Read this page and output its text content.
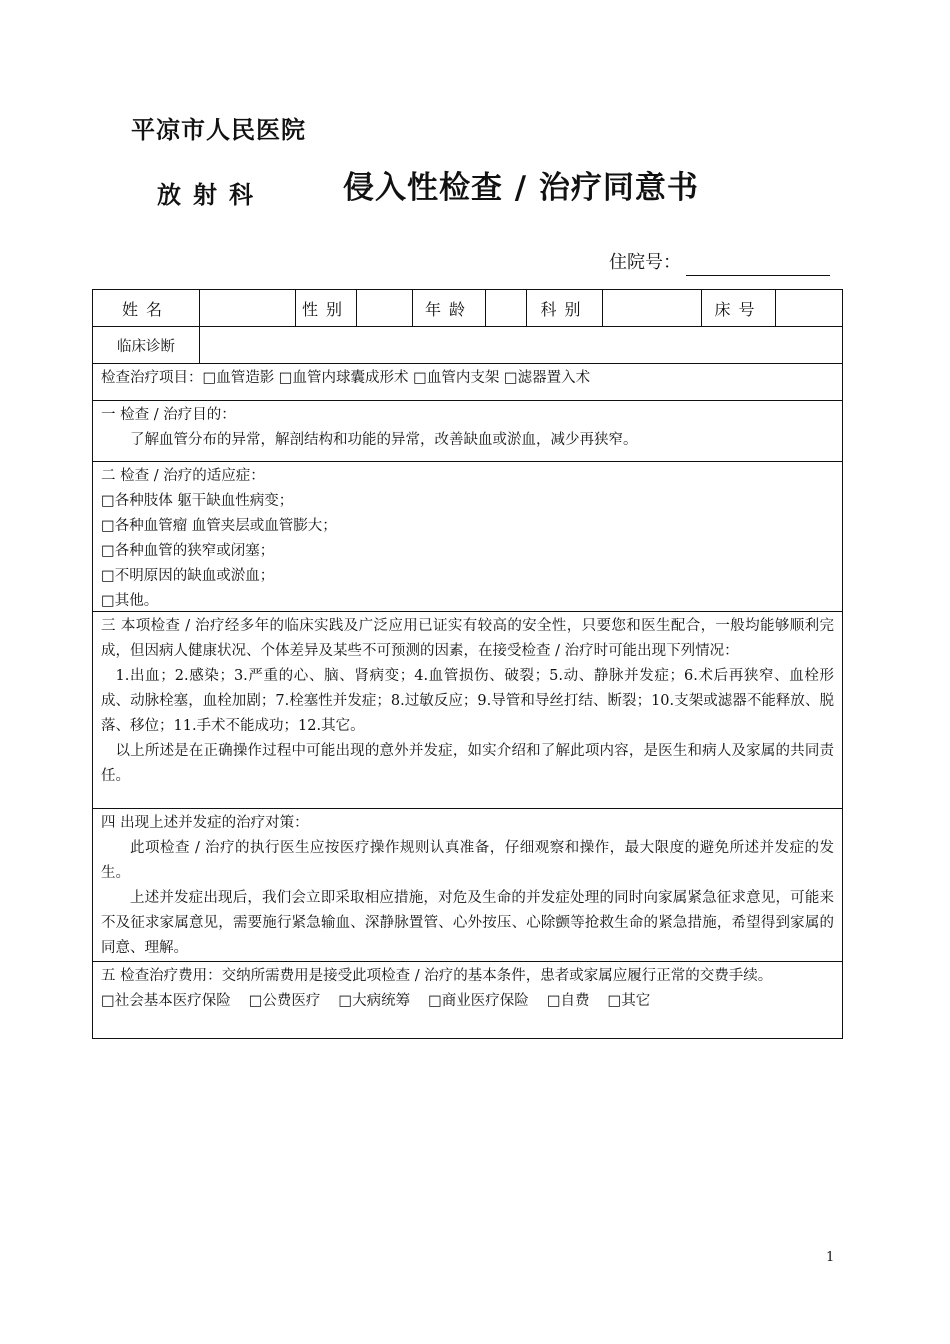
平凉市人民医院
放射科	侵入性检查 / 治疗同意书
住院号：
姓名	性别	年龄	科别	床号
临床诊断
检查治疗项目：□血管造影 □血管内球囊成形术 □血管内支架 □滤器置入术
一 检查 / 治疗目的：
了解血管分布的异常，解剖结构和功能的异常，改善缺血或淤血，减少再狭窄。
二 检查 / 治疗的适应症：
□各种肢体 躯干缺血性病变；
□各种血管瘤 血管夹层或血管膨大；
□各种血管的狭窄或闭塞；
□不明原因的缺血或淤血；
□其他。
三 本项检查 / 治疗经多年的临床实践及广泛应用已证实有较高的安全性，只要您和医生配合，一般均能够顺利完成，但因病人健康状况、个体差异及某些不可预测的因素，在接受检查 / 治疗时可能出现下列情况：
1.出血；2.感染；3.严重的心、脑、肾病变；4.血管损伤、破裂；5.动、静脉并发症；6.术后再狭窄、血栓形成、动脉栓塞，血栓加剧；7.栓塞性并发症；8.过敏反应；9.导管和导丝打结、断裂；10.支架或滤器不能释放、脱落、移位；11.手术不能成功；12.其它。
以上所述是在正确操作过程中可能出现的意外并发症，如实介绍和了解此项内容，是医生和病人及家属的共同责任。
四 出现上述并发症的治疗对策：
此项检查 / 治疗的执行医生应按医疗操作规则认真准备，仔细观察和操作，最大限度的避免所述并发症的发生。
上述并发症出现后，我们会立即采取相应措施，对危及生命的并发症处理的同时向家属紧急征求意见，可能来不及征求家属意见，需要施行紧急输血、深静脉置管、心外按压、心除颤等抢救生命的紧急措施，希望得到家属的同意、理解。
五 检查治疗费用：交纳所需费用是接受此项检查 / 治疗的基本条件，患者或家属应履行正常的交费手续。
□社会基本医疗保险 □公费医疗 □大病统筹 □商业医疗保险 □自费 □其它
1
